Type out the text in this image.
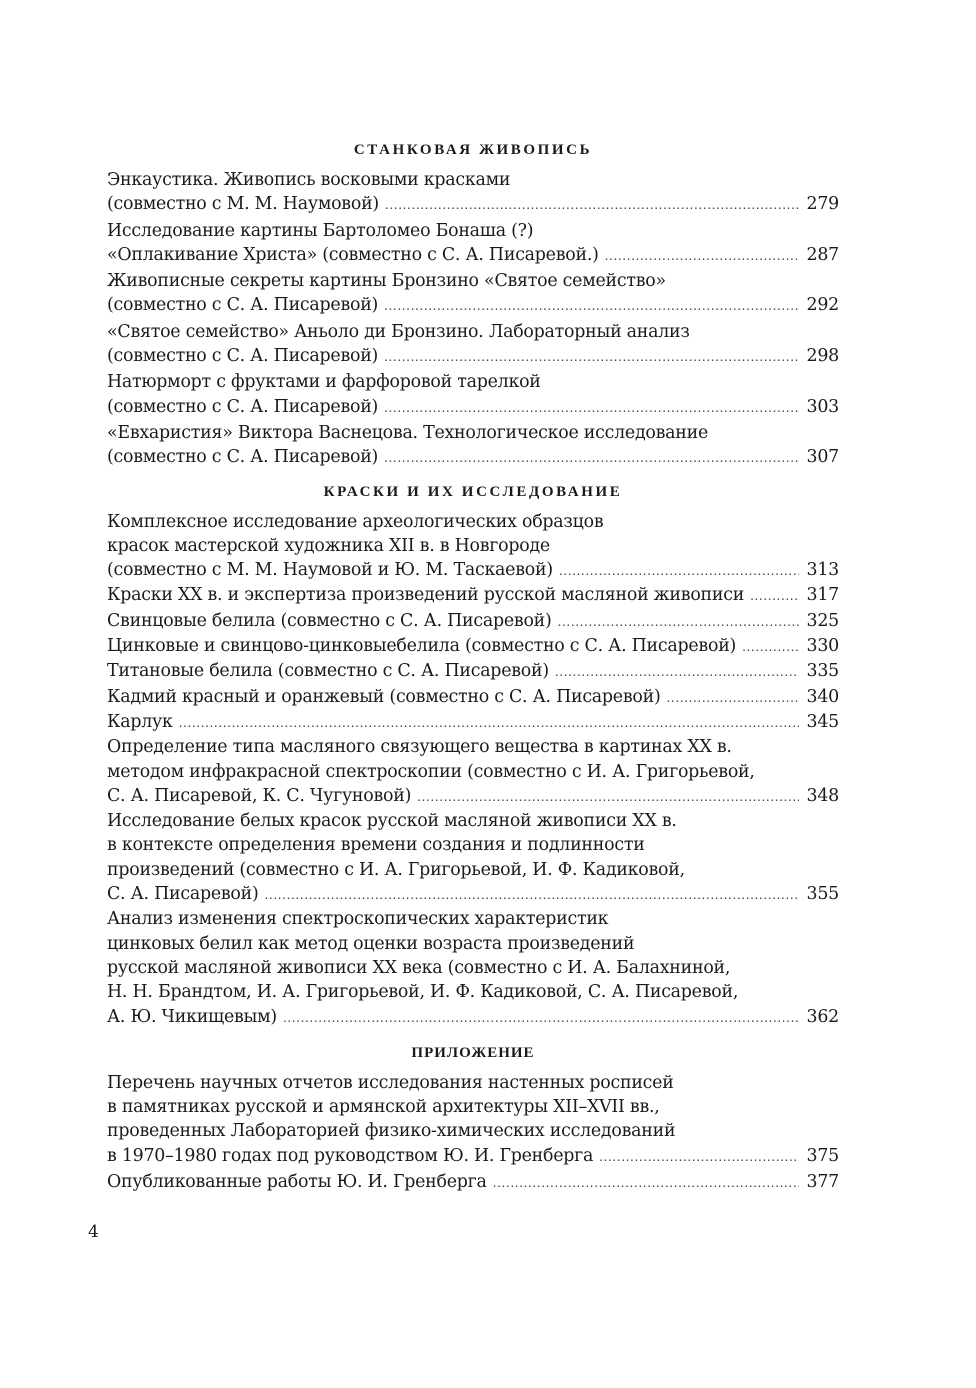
СТАНКОВАЯ ЖИВОПИСЬ
Энкаустика. Живопись восковыми красками
(совместно с М. М. Наумовой) .....	279
Исследование картины Бартоломео Бонаша (?)
«Оплакивание Христа» (совместно с С. А. Писаревой.) .....	287
Живописные секреты картины Бронзино «Святое семейство»
(совместно с С. А. Писаревой) .....	292
«Святое семейство» Аньоло ди Бронзино. Лабораторный анализ
(совместно с С. А. Писаревой) .....	298
Натюрморт с фруктами и фарфоровой тарелкой
(совместно с С. А. Писаревой) .....	303
«Евхаристия» Виктора Васнецова. Технологическое исследование
(совместно с С. А. Писаревой) .....	307
КРАСКИ И ИХ ИССЛЕДОВАНИЕ
Комплексное исследование археологических образцов
красок мастерской художника XII в. в Новгороде
(совместно с М. М. Наумовой и Ю. М. Таскаевой) .....	313
Краски XX в. и экспертиза произведений русской масляной живописи .....	317
Свинцовые белила (совместно с С. А. Писаревой) .....	325
Цинковые и свинцово-цинковыебелила (совместно с С. А. Писаревой) .....	330
Титановые белила (совместно с С. А. Писаревой) .....	335
Кадмий красный и оранжевый (совместно с С. А. Писаревой) .....	340
Карлук .....	345
Определение типа масляного связующего вещества в картинах XX в.
методом инфракрасной спектроскопии (совместно с И. А. Григорьевой,
С. А. Писаревой, К. С. Чугуновой) .....	348
Исследование белых красок русской масляной живописи XX в.
в контексте определения времени создания и подлинности
произведений (совместно с И. А. Григорьевой, И. Ф. Кадиковой,
С. А. Писаревой) .....	355
Анализ изменения спектроскопических характеристик
цинковых белил как метод оценки возраста произведений
русской масляной живописи XX века (совместно с И. А. Балахниной,
Н. Н. Брандтом, И. А. Григорьевой, И. Ф. Кадиковой, С. А. Писаревой,
А. Ю. Чикищевым) .....	362
ПРИЛОЖЕНИЕ
Перечень научных отчетов исследования настенных росписей
в памятниках русской и армянской архитектуры XII–XVII вв.,
проведенных Лабораторией физико-химических исследований
в 1970–1980 годах под руководством Ю. И. Гренберга .....	375
Опубликованные работы Ю. И. Гренберга .....	377
4
